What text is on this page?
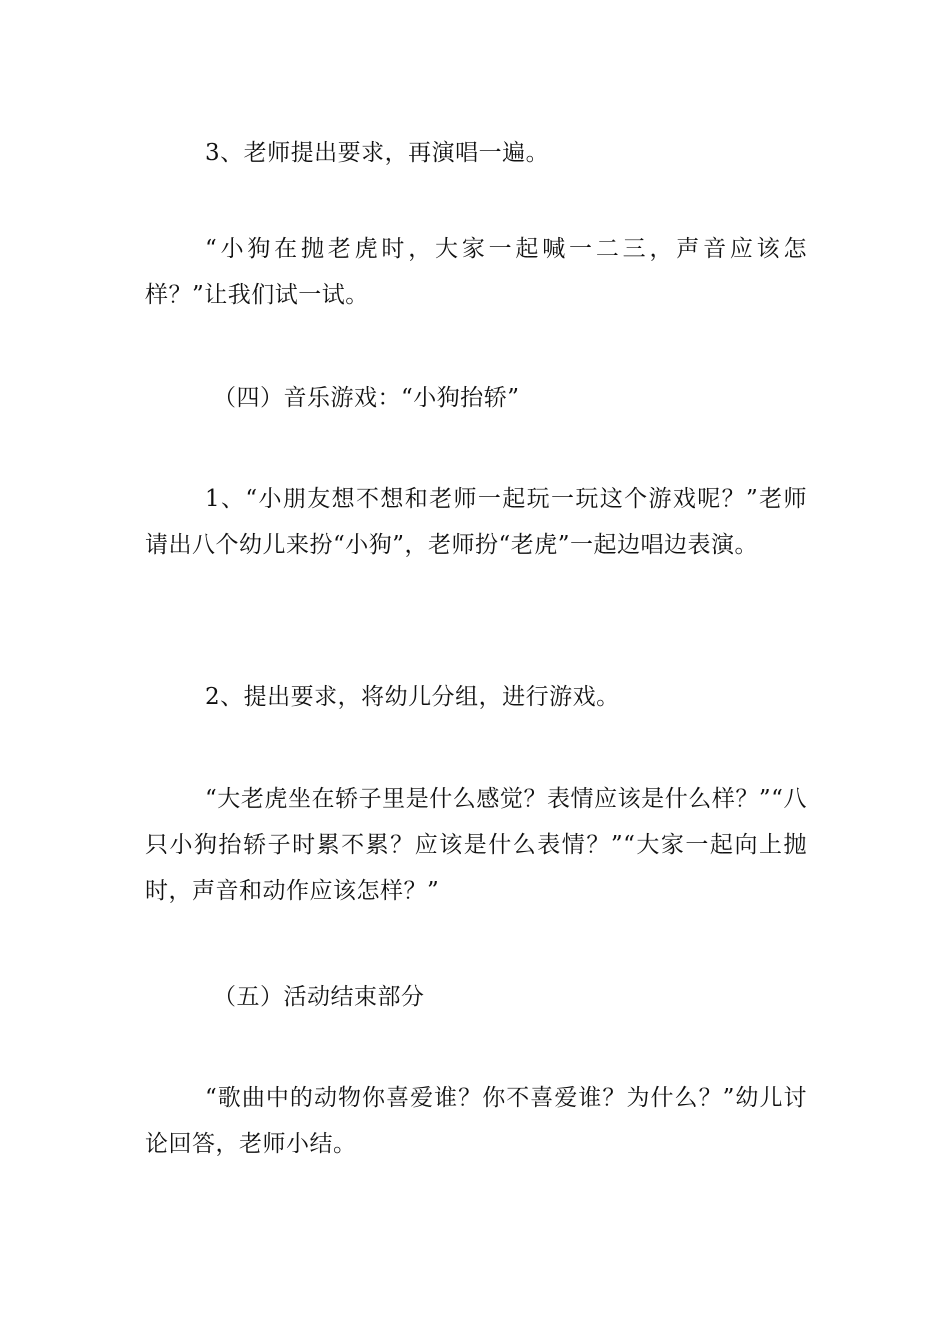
3、老师提出要求，再演唱一遍。

“小狗在抛老虎时，大家一起喊一二三，声音应该怎样？”让我们试一试。

（四）音乐游戏：“小狗抬轿”

1、“小朋友想不想和老师一起玩一玩这个游戏呢？”老师请出八个幼儿来扮“小狗”，老师扮“老虎”一起边唱边表演。

2、提出要求，将幼儿分组，进行游戏。

“大老虎坐在轿子里是什么感觉？表情应该是什么样？”“八只小狗抬轿子时累不累？应该是什么表情？”“大家一起向上抛时，声音和动作应该怎样？”

（五）活动结束部分

“歌曲中的动物你喜爱谁？你不喜爱谁？为什么？”幼儿讨论回答，老师小结。
